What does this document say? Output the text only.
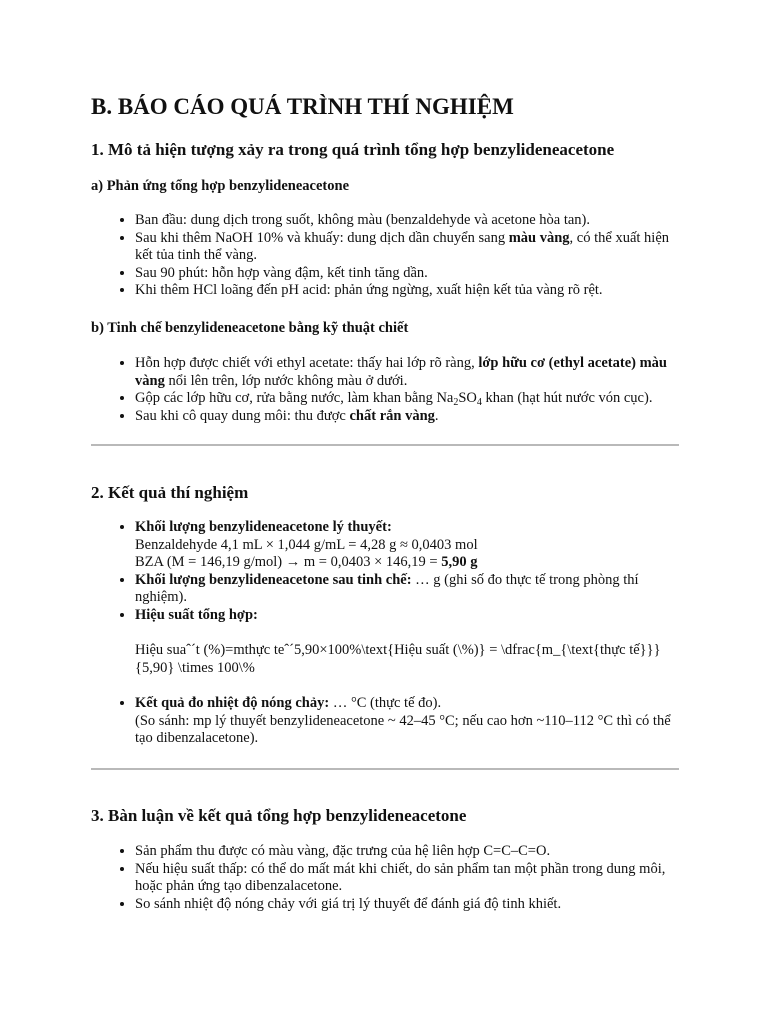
B. BÁO CÁO QUÁ TRÌNH THÍ NGHIỆM
1. Mô tả hiện tượng xảy ra trong quá trình tổng hợp benzylideneacetone
a) Phản ứng tổng hợp benzylideneacetone
• Ban đầu: dung dịch trong suốt, không màu (benzaldehyde và acetone hòa tan).
• Sau khi thêm NaOH 10% và khuấy: dung dịch dần chuyển sang màu vàng, có thể xuất hiện kết tủa tinh thể vàng.
• Sau 90 phút: hỗn hợp vàng đậm, kết tinh tăng dần.
• Khi thêm HCl loãng đến pH acid: phản ứng ngừng, xuất hiện kết tủa vàng rõ rệt.
b) Tinh chế benzylideneacetone bằng kỹ thuật chiết
• Hỗn hợp được chiết với ethyl acetate: thấy hai lớp rõ ràng, lớp hữu cơ (ethyl acetate) màu vàng nổi lên trên, lớp nước không màu ở dưới.
• Gộp các lớp hữu cơ, rửa bằng nước, làm khan bằng $Na_2SO_4$ khan (hạt hút nước vón cục).
• Sau khi cô quay dung môi: thu được chất rắn vàng.
2. Kết quả thí nghiệm
• Khối lượng benzylideneacetone lý thuyết:
Benzaldehyde 4,1 mL × 1,044 g/mL = 4,28 g ≈ 0,0403 mol
BZA (M = 146,19 g/mol) → m = 0,0403 × 146,19 = 5,90 g
• Khối lượng benzylideneacetone sau tinh chế: … g (ghi số đo thực tế trong phòng thí nghiệm).
• Hiệu suất tổng hợp:
Hiệu suaˆ´t (%)=mthực teˆ´5,90×100%\text{Hiệu suất (\%)} = \dfrac{m_{\text{thực tế}}}{5,90} \times 100\%
• Kết quả đo nhiệt độ nóng chảy: … °C (thực tế đo).
(So sánh: mp lý thuyết benzylideneacetone ~ 42–45 °C; nếu cao hơn ~110–112 °C thì có thể tạo dibenzalacetone).
3. Bàn luận về kết quả tổng hợp benzylideneacetone
• Sản phẩm thu được có màu vàng, đặc trưng của hệ liên hợp C=C–C=O.
• Nếu hiệu suất thấp: có thể do mất mát khi chiết, do sản phẩm tan một phần trong dung môi, hoặc phản ứng tạo dibenzalacetone.
• So sánh nhiệt độ nóng chảy với giá trị lý thuyết để đánh giá độ tinh khiết.
